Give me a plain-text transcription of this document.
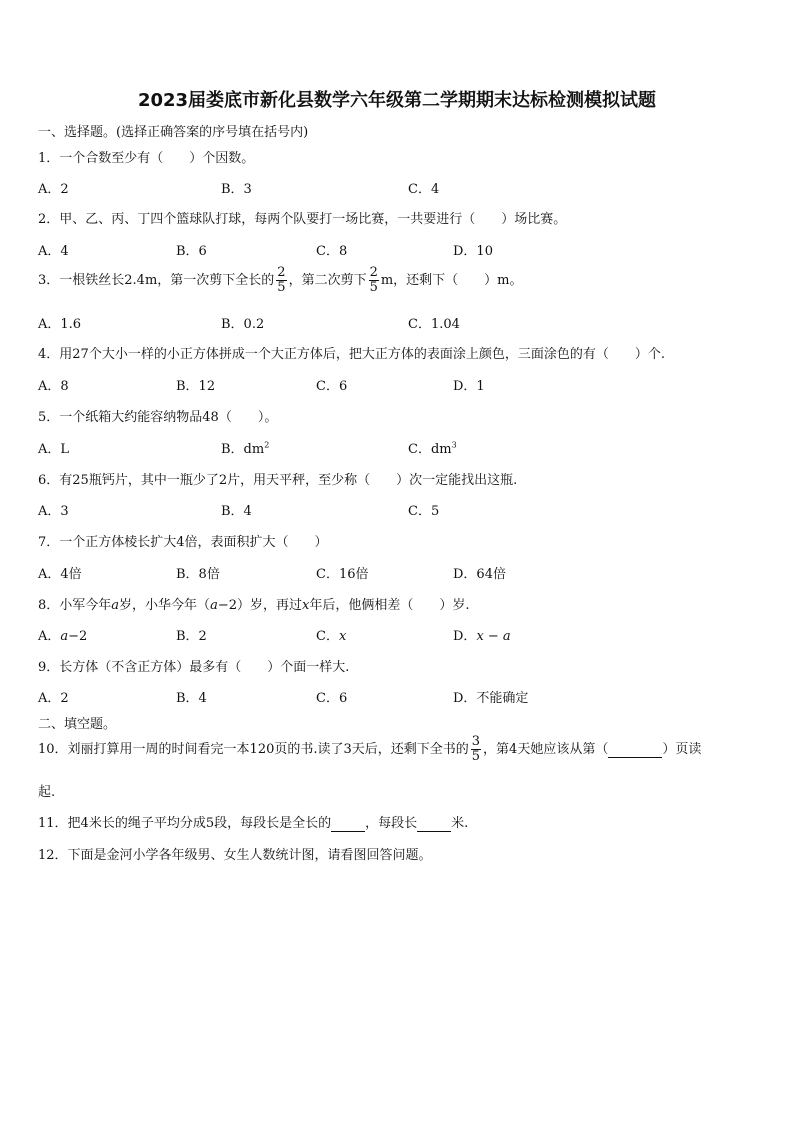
2023届娄底市新化县数学六年级第二学期期末达标检测模拟试题
一、选择题。(选择正确答案的序号填在括号内)
1．一个合数至少有（　　）个因数。
A．2	B．3	C．4
2．甲、乙、丙、丁四个篮球队打球，每两个队要打一场比赛，一共要进行（　　）场比赛。
A．4	B．6	C．8	D．10
3．一根铁丝长2.4m，第一次剪下全长的 $\frac{2}{5}$ ，第二次剪下 $\frac{2}{5}$ m，还剩下（　　）m。
A．1.6	B．0.2	C．1.04
4．用27个大小一样的小正方体拼成一个大正方体后，把大正方体的表面涂上颜色，三面涂色的有（　　）个.
A．8	B．12	C．6	D．1
5．一个纸箱大约能容纳物品48（　　）。
A．L	B．$dm^2$	C．$dm^3$
6．有25瓶钙片，其中一瓶少了2片，用天平秤，至少称（　　）次一定能找出这瓶.
A．3	B．4	C．5
7．一个正方体棱长扩大4倍，表面积扩大（　　）
A．4倍	B．8倍	C．16倍	D．64倍
8．小军今年a岁，小华今年（a−2）岁，再过x年后，他俩相差（　　）岁.
A．a−2	B．2	C．x	D．x − a
9．长方体（不含正方体）最多有（　　）个面一样大.
A．2	B．4	C．6	D．不能确定
二、填空题。
10．刘丽打算用一周的时间看完一本120页的书.读了3天后，还剩下全书的 $\frac{3}{5}$ ，第4天她应该从第（	）页读
起.
11．把4米长的绳子平均分成5段，每段长是全长的	，每段长	米.
12．下面是金河小学各年级男、女生人数统计图，请看图回答问题。
